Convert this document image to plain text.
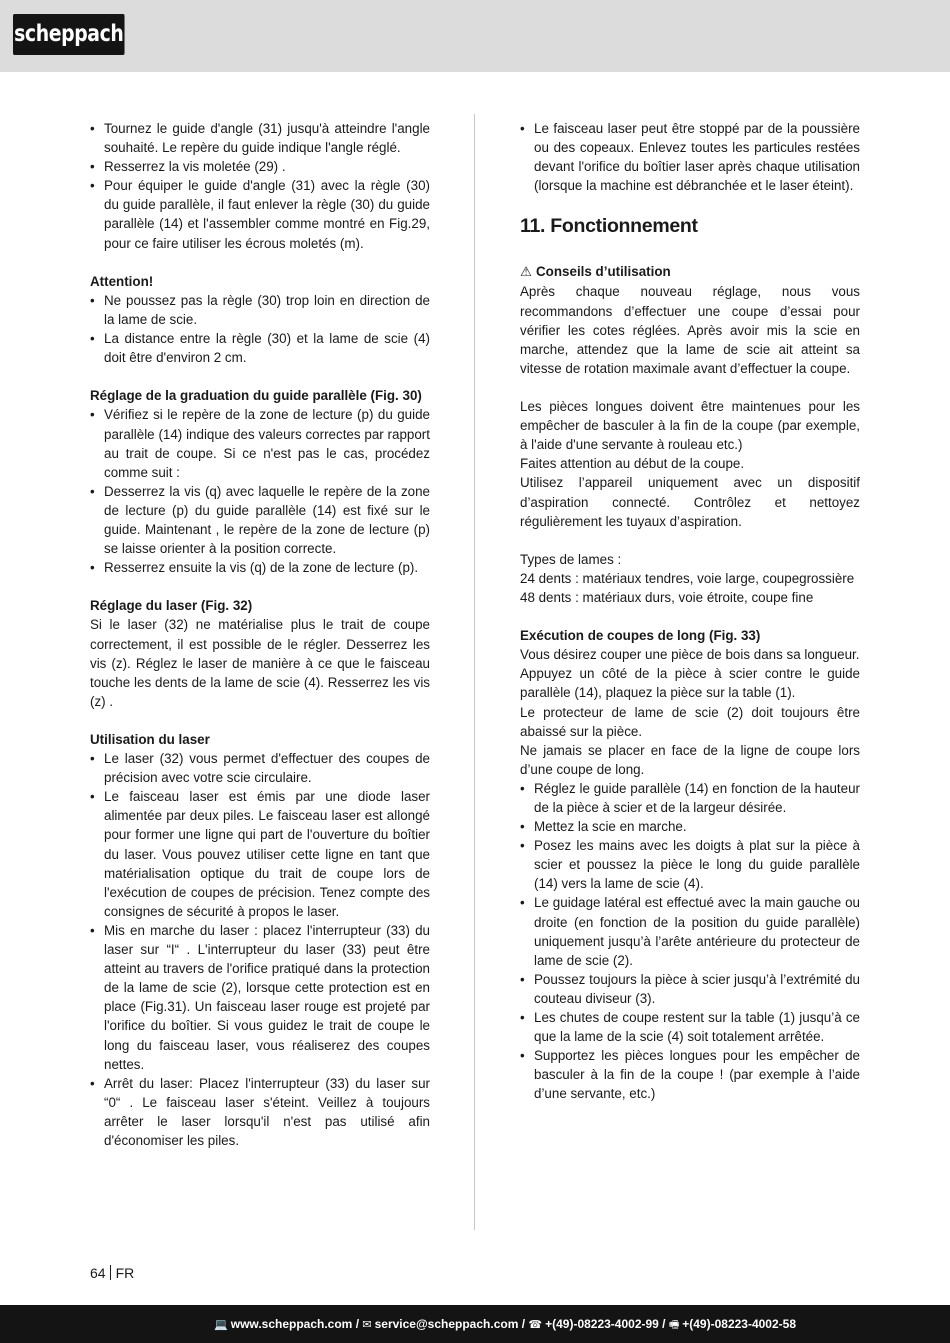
scheppach
• Tournez le guide d'angle (31) jusqu'à atteindre l'angle souhaité. Le repère du guide indique l'angle réglé.
• Resserrez la vis moletée (29) .
• Pour équiper le guide d'angle (31) avec la règle (30) du guide parallèle, il faut enlever la règle (30) du guide parallèle (14) et l'assembler comme montré en Fig.29, pour ce faire utiliser les écrous moletés (m).

Attention!

• Ne poussez pas la règle (30) trop loin en direction de la lame de scie.
• La distance entre la règle (30) et la lame de scie (4) doit être d'environ 2 cm.

Réglage de la graduation du guide parallèle (Fig. 30)

• Vérifiez si le repère de la zone de lecture (p) du guide parallèle (14) indique des valeurs correctes par rapport au trait de coupe. Si ce n'est pas le cas, procédez comme suit :
• Desserrez la vis (q) avec laquelle le repère de la zone de lecture (p) du guide parallèle (14) est fixé sur le guide. Maintenant , le repère de la zone de lecture (p) se laisse orienter à la position correcte.
• Resserrez ensuite la vis (q) de la zone de lecture (p).

Réglage du laser (Fig. 32)

Si le laser (32) ne matérialise plus le trait de coupe correctement, il est possible de le régler. Desserrez les vis (z). Réglez le laser de manière à ce que le faisceau touche les dents de la lame de scie (4). Resserrez les vis (z) .

Utilisation du laser

• Le laser (32) vous permet d'effectuer des coupes de précision avec votre scie circulaire.
• Le faisceau laser est émis par une diode laser alimentée par deux piles. Le faisceau laser est allongé pour former une ligne qui part de l'ouverture du boîtier du laser. Vous pouvez utiliser cette ligne en tant que matérialisation optique du trait de coupe lors de l'exécution de coupes de précision. Tenez compte des consignes de sécurité à propos le laser.
• Mis en marche du laser : placez l'interrupteur (33) du laser sur “I“ . L'interrupteur du laser (33) peut être atteint au travers de l'orifice pratiqué dans la protection de la lame de scie (2), lorsque cette protection est en place (Fig.31). Un faisceau laser rouge est projeté par l'orifice du boîtier. Si vous guidez le trait de coupe le long du faisceau laser, vous réaliserez des coupes nettes.
• Arrêt du laser: Placez l'interrupteur (33) du laser sur “0“ . Le faisceau laser s'éteint. Veillez à toujours arrêter le laser lorsqu'il n'est pas utilisé afin d'économiser les piles.
• Le faisceau laser peut être stoppé par de la poussière ou des copeaux. Enlevez toutes les particules restées devant l'orifice du boîtier laser après chaque utilisation (lorsque la machine est débranchée et le laser éteint).
11. Fonctionnement

⚠ Conseils d’utilisation

Après chaque nouveau réglage, nous vous recommandons d’effectuer une coupe d’essai pour vérifier les cotes réglées. Après avoir mis la scie en marche, attendez que la lame de scie ait atteint sa vitesse de rotation maximale avant d’effectuer la coupe.

Les pièces longues doivent être maintenues pour les empêcher de basculer à la fin de la coupe (par exemple, à l'aide d'une servante à rouleau etc.)

Faites attention au début de la coupe.

Utilisez l’appareil uniquement avec un dispositif d’aspiration connecté. Contrôlez et nettoyez régulièrement les tuyaux d’aspiration.

Types de lames :

24 dents : matériaux tendres, voie large, coupegrossière

48 dents : matériaux durs, voie étroite, coupe fine

Exécution de coupes de long (Fig. 33)

Vous désirez couper une pièce de bois dans sa longueur.

Appuyez un côté de la pièce à scier contre le guide parallèle (14), plaquez la pièce sur la table (1).

Le protecteur de lame de scie (2) doit toujours être abaissé sur la pièce.

Ne jamais se placer en face de la ligne de coupe lors d’une coupe de long.

• Réglez le guide parallèle (14) en fonction de la hauteur de la pièce à scier et de la largeur désirée.
• Mettez la scie en marche.
• Posez les mains avec les doigts à plat sur la pièce à scier et poussez la pièce le long du guide parallèle (14) vers la lame de scie (4).
• Le guidage latéral est effectué avec la main gauche ou droite (en fonction de la position du guide parallèle) uniquement jusqu’à l’arête antérieure du protecteur de lame de scie (2).
• Poussez toujours la pièce à scier jusqu’à l’extrémité du couteau diviseur (3).
• Les chutes de coupe restent sur la table (1) jusqu’à ce que la lame de la scie (4) soit totalement arrêtée.
• Supportez les pièces longues pour les empêcher de basculer à la fin de la coupe ! (par exemple à l’aide d’une servante, etc.)
64 FR
💻 www.scheppach.com / ✉ service@scheppach.com / ☎ +(49)-08223-4002-99 / 🖷 +(49)-08223-4002-58
